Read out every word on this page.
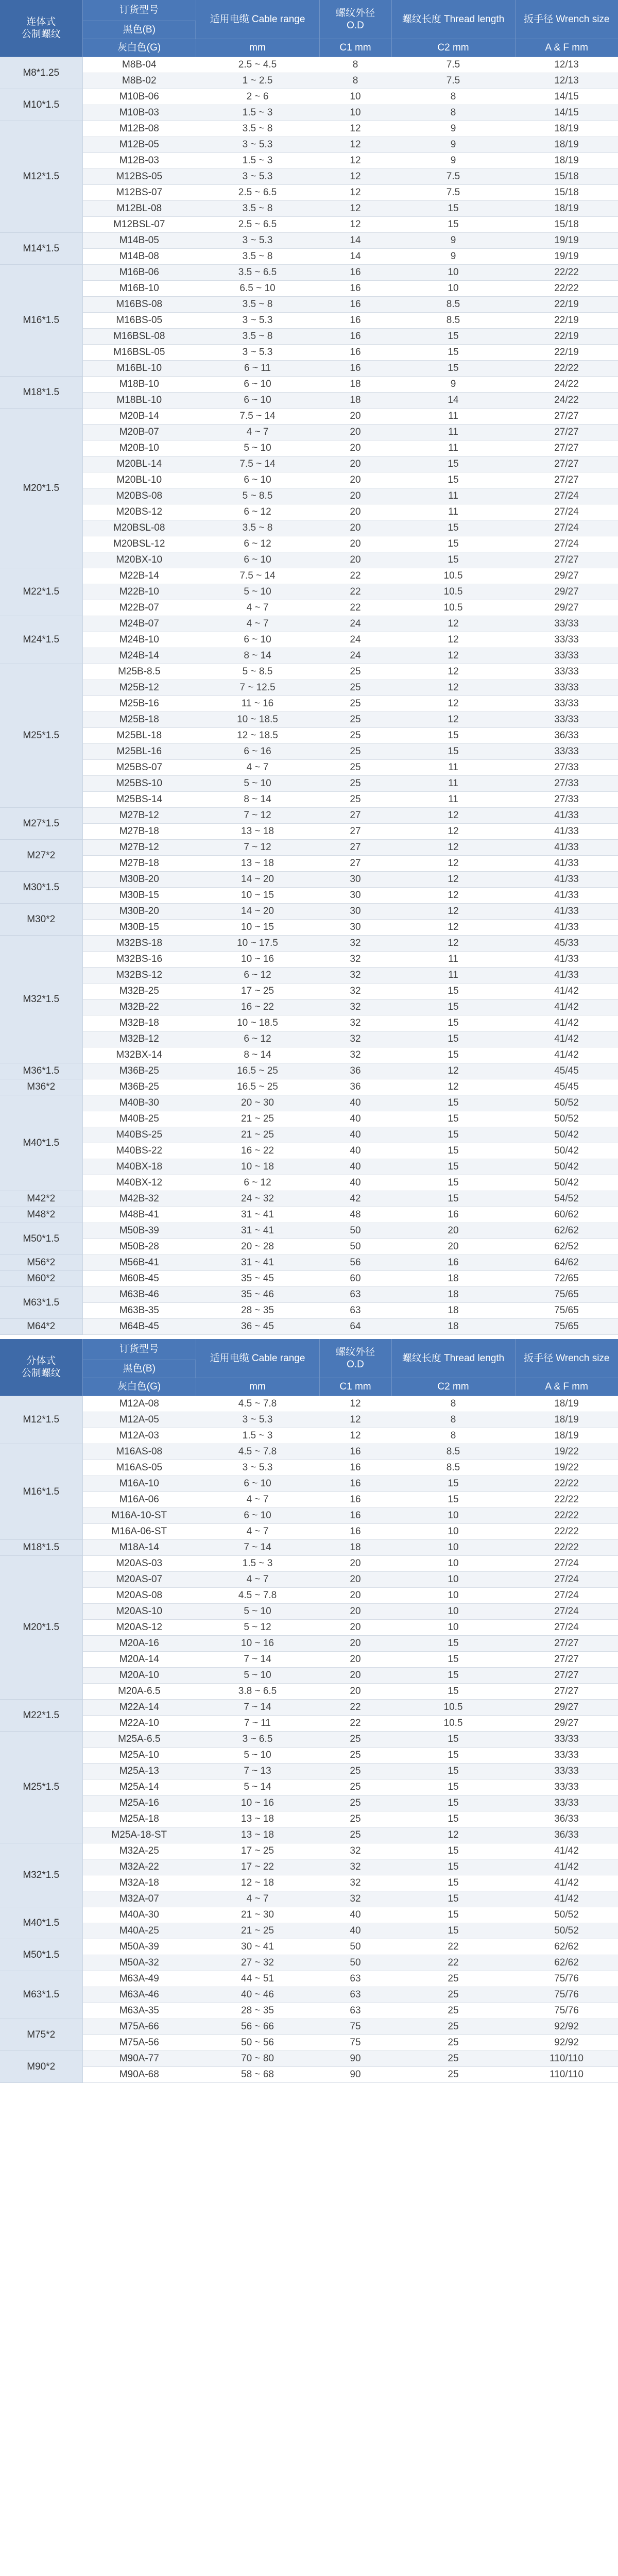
连体式
公制螺纹	订货型号	适用电缆 Cable range	螺纹外径
O.D	螺纹长度 Thread length	扳手径 Wrench size
	黑色(B)				
	灰白色(G)	mm	C1 mm	C2 mm	A & F mm
M8*1.25	M8B-04	2.5 ~ 4.5	8	7.5	12/13
	M8B-02	1 ~ 2.5	8	7.5	12/13
M10*1.5	M10B-06	2 ~ 6	10	8	14/15
	M10B-03	1.5 ~ 3	10	8	14/15
M12*1.5	M12B-08	3.5 ~ 8	12	9	18/19
	M12B-05	3 ~ 5.3	12	9	18/19
	M12B-03	1.5 ~ 3	12	9	18/19
	M12BS-05	3 ~ 5.3	12	7.5	15/18
	M12BS-07	2.5 ~ 6.5	12	7.5	15/18
	M12BL-08	3.5 ~ 8	12	15	18/19
	M12BSL-07	2.5 ~ 6.5	12	15	15/18
M14*1.5	M14B-05	3 ~ 5.3	14	9	19/19
	M14B-08	3.5 ~ 8	14	9	19/19
M16*1.5	M16B-06	3.5 ~ 6.5	16	10	22/22
	M16B-10	6.5 ~ 10	16	10	22/22
	M16BS-08	3.5 ~ 8	16	8.5	22/19
	M16BS-05	3 ~ 5.3	16	8.5	22/19
	M16BSL-08	3.5 ~ 8	16	15	22/19
	M16BSL-05	3 ~ 5.3	16	15	22/19
	M16BL-10	6 ~ 11	16	15	22/22
M18*1.5	M18B-10	6 ~ 10	18	9	24/22
	M18BL-10	6 ~ 10	18	14	24/22
M20*1.5	M20B-14	7.5 ~ 14	20	11	27/27
	M20B-07	4 ~ 7	20	11	27/27
	M20B-10	5 ~ 10	20	11	27/27
	M20BL-14	7.5 ~ 14	20	15	27/27
	M20BL-10	6 ~ 10	20	15	27/27
	M20BS-08	5 ~ 8.5	20	11	27/24
	M20BS-12	6 ~ 12	20	11	27/24
	M20BSL-08	3.5 ~ 8	20	15	27/24
	M20BSL-12	6 ~ 12	20	15	27/24
	M20BX-10	6 ~ 10	20	15	27/27
M22*1.5	M22B-14	7.5 ~ 14	22	10.5	29/27
	M22B-10	5 ~ 10	22	10.5	29/27
	M22B-07	4 ~ 7	22	10.5	29/27
M24*1.5	M24B-07	4 ~ 7	24	12	33/33
	M24B-10	6 ~ 10	24	12	33/33
	M24B-14	8 ~ 14	24	12	33/33
M25*1.5	M25B-8.5	5 ~ 8.5	25	12	33/33
	M25B-12	7 ~ 12.5	25	12	33/33
	M25B-16	11 ~ 16	25	12	33/33
	M25B-18	10 ~ 18.5	25	12	33/33
	M25BL-18	12 ~ 18.5	25	15	36/33
	M25BL-16	6 ~ 16	25	15	33/33
	M25BS-07	4 ~ 7	25	11	27/33
	M25BS-10	5 ~ 10	25	11	27/33
	M25BS-14	8 ~ 14	25	11	27/33
M27*1.5	M27B-12	7 ~ 12	27	12	41/33
	M27B-18	13 ~ 18	27	12	41/33
M27*2	M27B-12	7 ~ 12	27	12	41/33
	M27B-18	13 ~ 18	27	12	41/33
M30*1.5	M30B-20	14 ~ 20	30	12	41/33
	M30B-15	10 ~ 15	30	12	41/33
M30*2	M30B-20	14 ~ 20	30	12	41/33
	M30B-15	10 ~ 15	30	12	41/33
M32*1.5	M32BS-18	10 ~ 17.5	32	12	45/33
	M32BS-16	10 ~ 16	32	11	41/33
	M32BS-12	6 ~ 12	32	11	41/33
	M32B-25	17 ~ 25	32	15	41/42
	M32B-22	16 ~ 22	32	15	41/42
	M32B-18	10 ~ 18.5	32	15	41/42
	M32B-12	6 ~ 12	32	15	41/42
	M32BX-14	8 ~ 14	32	15	41/42
M36*1.5	M36B-25	16.5 ~ 25	36	12	45/45
M36*2	M36B-25	16.5 ~ 25	36	12	45/45
M40*1.5	M40B-30	20 ~ 30	40	15	50/52
	M40B-25	21 ~ 25	40	15	50/52
	M40BS-25	21 ~ 25	40	15	50/42
	M40BS-22	16 ~ 22	40	15	50/42
	M40BX-18	10 ~ 18	40	15	50/42
	M40BX-12	6 ~ 12	40	15	50/42
M42*2	M42B-32	24 ~ 32	42	15	54/52
M48*2	M48B-41	31 ~ 41	48	16	60/62
M50*1.5	M50B-39	31 ~ 41	50	20	62/62
	M50B-28	20 ~ 28	50	20	62/52
M56*2	M56B-41	31 ~ 41	56	16	64/62
M60*2	M60B-45	35 ~ 45	60	18	72/65
M63*1.5	M63B-46	35 ~ 46	63	18	75/65
	M63B-35	28 ~ 35	63	18	75/65
M64*2	M64B-45	36 ~ 45	64	18	75/65
分体式
公制螺纹	订货型号	适用电缆 Cable range	螺纹外径
O.D	螺纹长度 Thread length	扳手径 Wrench size
	黑色(B)				
	灰白色(G)	mm	C1 mm	C2 mm	A & F mm
M12*1.5	M12A-08	4.5 ~ 7.8	12	8	18/19
	M12A-05	3 ~ 5.3	12	8	18/19
	M12A-03	1.5 ~ 3	12	8	18/19
M16*1.5	M16AS-08	4.5 ~ 7.8	16	8.5	19/22
	M16AS-05	3 ~ 5.3	16	8.5	19/22
	M16A-10	6 ~ 10	16	15	22/22
	M16A-06	4 ~ 7	16	15	22/22
	M16A-10-ST	6 ~ 10	16	10	22/22
	M16A-06-ST	4 ~ 7	16	10	22/22
M18*1.5	M18A-14	7 ~ 14	18	10	22/22
M20*1.5	M20AS-03	1.5 ~ 3	20	10	27/24
	M20AS-07	4 ~ 7	20	10	27/24
	M20AS-08	4.5 ~ 7.8	20	10	27/24
	M20AS-10	5 ~ 10	20	10	27/24
	M20AS-12	5 ~ 12	20	10	27/24
	M20A-16	10 ~ 16	20	15	27/27
	M20A-14	7 ~ 14	20	15	27/27
	M20A-10	5 ~ 10	20	15	27/27
	M20A-6.5	3.8 ~ 6.5	20	15	27/27
M22*1.5	M22A-14	7 ~ 14	22	10.5	29/27
	M22A-10	7 ~ 11	22	10.5	29/27
M25*1.5	M25A-6.5	3 ~ 6.5	25	15	33/33
	M25A-10	5 ~ 10	25	15	33/33
	M25A-13	7 ~ 13	25	15	33/33
	M25A-14	5 ~ 14	25	15	33/33
	M25A-16	10 ~ 16	25	15	33/33
	M25A-18	13 ~ 18	25	15	36/33
	M25A-18-ST	13 ~ 18	25	12	36/33
M32*1.5	M32A-25	17 ~ 25	32	15	41/42
	M32A-22	17 ~ 22	32	15	41/42
	M32A-18	12 ~ 18	32	15	41/42
	M32A-07	4 ~ 7	32	15	41/42
M40*1.5	M40A-30	21 ~ 30	40	15	50/52
	M40A-25	21 ~ 25	40	15	50/52
M50*1.5	M50A-39	30 ~ 41	50	22	62/62
	M50A-32	27 ~ 32	50	22	62/62
M63*1.5	M63A-49	44 ~ 51	63	25	75/76
	M63A-46	40 ~ 46	63	25	75/76
	M63A-35	28 ~ 35	63	25	75/76
M75*2	M75A-66	56 ~ 66	75	25	92/92
	M75A-56	50 ~ 56	75	25	92/92
M90*2	M90A-77	70 ~ 80	90	25	110/110
	M90A-68	58 ~ 68	90	25	110/110
